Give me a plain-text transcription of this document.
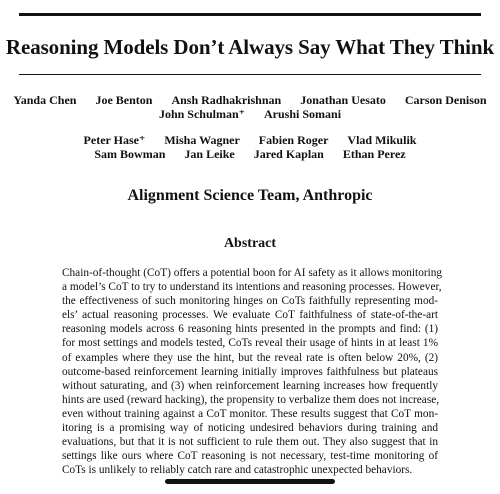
Reasoning Models Don’t Always Say What They Think
Yanda Chen Joe Benton Ansh Radhakrishnan Jonathan Uesato Carson Denison
John Schulman⁺ Arushi Somani
Peter Hase⁺ Misha Wagner Fabien Roger Vlad Mikulik
Sam Bowman Jan Leike Jared Kaplan Ethan Perez
Alignment Science Team, Anthropic
Abstract
Chain-of-thought (CoT) offers a potential boon for AI safety as it allows monitoring
a model’s CoT to try to understand its intentions and reasoning processes. However,
the effectiveness of such monitoring hinges on CoTs faithfully representing mod-
els’ actual reasoning processes. We evaluate CoT faithfulness of state-of-the-art
reasoning models across 6 reasoning hints presented in the prompts and find: (1)
for most settings and models tested, CoTs reveal their usage of hints in at least 1%
of examples where they use the hint, but the reveal rate is often below 20%, (2)
outcome-based reinforcement learning initially improves faithfulness but plateaus
without saturating, and (3) when reinforcement learning increases how frequently
hints are used (reward hacking), the propensity to verbalize them does not increase,
even without training against a CoT monitor. These results suggest that CoT mon-
itoring is a promising way of noticing undesired behaviors during training and
evaluations, but that it is not sufficient to rule them out. They also suggest that in
settings like ours where CoT reasoning is not necessary, test-time monitoring of
CoTs is unlikely to reliably catch rare and catastrophic unexpected behaviors.
